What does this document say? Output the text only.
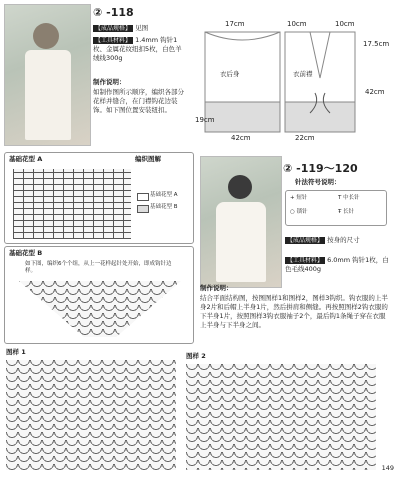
② -118
【成品规格】 见图
【工具材料】 1.4mm 钩针1枚、金属花纹纽扣5枚，白色羊绒线300g
制作说明：
如制作图所示顺序，编织各部分花样并缝合，在门襟钩花边装饰。如下图位置安装纽扣。
17cm	10cm	10cm
17.5cm
42cm
19cm
42cm	22cm
衣后身	衣前襟
基础花型 A	编织图解
基础花型 A
基础花型 B
基础花型 B
如下图，编织6个个组，从上一花样起针处开始，即成钩针边样。
② -119～120
针法符号说明：
+ 短针	T 中长针
○ 锁针	Ŧ 长针
【成品规格】 按身的尺寸
【工具材料】 6.0mm 钩针1枚，白色毛线400g
制作说明：
结合平面结构图，按图图样1和图样2，图样3钩织。钩衣服的上半身2片和后帽上半身1片，然后拼肩和侧缝。再按照图样2钩衣服的下半身1片，按照图样3钩衣服袖子2个，最后钩1条绳子穿在衣服上半身与下半身之间。
图样 1	图样 2
149
